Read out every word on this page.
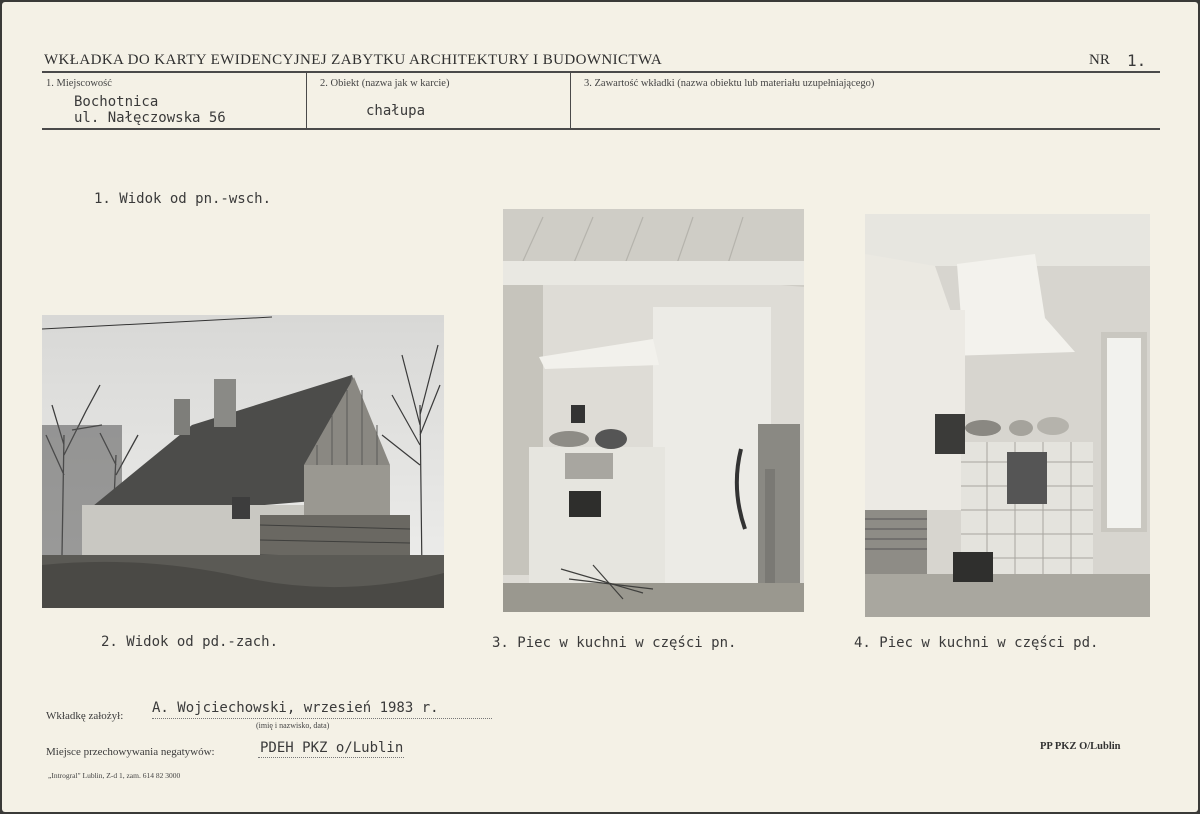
WKŁADKA DO KARTY EWIDENCYJNEJ ZABYTKU ARCHITEKTURY I BUDOWNICTWA	NR 1.
1. Miejscowość
Bochotnica
ul. Nałęczowska 56
2. Obiekt (nazwa jak w karcie)
chałupa
3. Zawartość wkładki (nazwa obiektu lub materiału uzupełniającego)
1. Widok od pn.-wsch.
2. Widok od pd.-zach.	3. Piec w kuchni w części pn.	4. Piec w kuchni w części pd.
Wkładkę założył: A. Wojciechowski, wrzesień 1983 r.
(imię i nazwisko, data)
Miejsce przechowywania negatywów:	PDEH PKZ o/Lublin	PP PKZ O/Lublin
„Introgral" Lublin, Z-d 1, zam. 614 82 3000
